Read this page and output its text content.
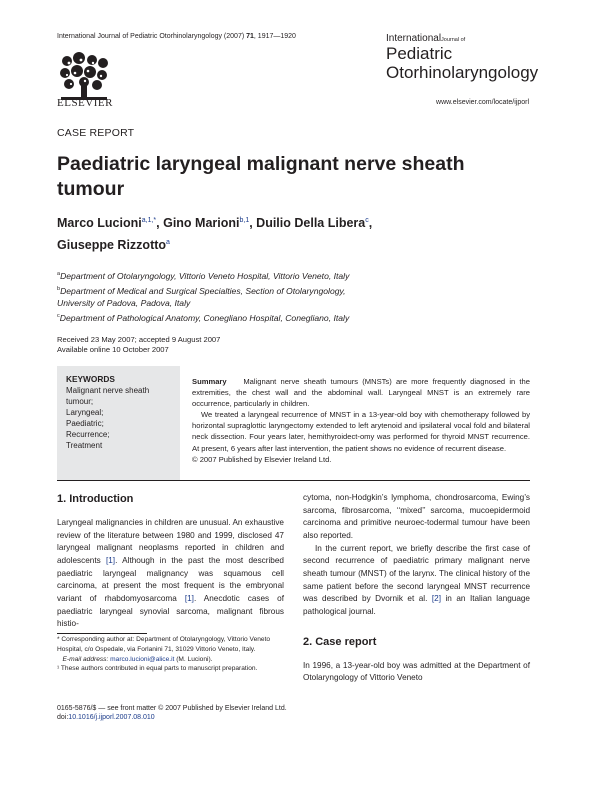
International Journal of Pediatric Otorhinolaryngology (2007) 71, 1917—1920
ELSEVIER
InternationalJournal of
Pediatric
Otorhinolaryngology
www.elsevier.com/locate/ijporl
CASE REPORT
Paediatric laryngeal malignant nerve sheath tumour
Marco Lucioni$^{a,1,*}$, Gino Marioni$^{b,1}$, Duilio Della Libera$^c$,
Giuseppe Rizzotto$^a$
$^a$Department of Otolaryngology, Vittorio Veneto Hospital, Vittorio Veneto, Italy
$^b$Department of Medical and Surgical Specialties, Section of Otolaryngology,
University of Padova, Padova, Italy
$^c$Department of Pathological Anatomy, Conegliano Hospital, Conegliano, Italy
Received 23 May 2007; accepted 9 August 2007
Available online 10 October 2007
KEYWORDS
Malignant nerve sheath tumour;
Laryngeal;
Paediatric;
Recurrence;
Treatment

Summary Malignant nerve sheath tumours (MNSTs) are more frequently diagnosed in the extremities, the chest wall and the abdominal wall. Laryngeal MNST is an extremely rare occurrence, particularly in children.

We treated a laryngeal recurrence of MNST in a 13-year-old boy with chemotherapy followed by horizontal supraglottic laryngectomy extended to left arytenoid and ipsilateral vocal fold and bilateral neck dissection. Four years later, hemithyroidect-omy was performed for thyroid MNST recurrence. At present, 6 years after last intervention, the patient shows no evidence of recurrent disease.

© 2007 Published by Elsevier Ireland Ltd.

1. Introduction

Laryngeal malignancies in children are unusual. An exhaustive review of the literature between 1980 and 1999, disclosed 47 laryngeal malignant neoplasms reported in children and adolescents [1]. Although in the past the most described paediatric laryngeal malignancy was squamous cell carcinoma, at present the most frequent is the embryonal variant of rhabdomyosarcoma [1]. Anecdotic cases of paediatric laryngeal synovial sarcoma, malignant fibrous histio-

cytoma, non-Hodgkin’s lymphoma, chondrosarcoma, Ewing’s sarcoma, fibrosarcoma, ‘‘mixed’’ sarcoma, mucoepidermoid carcinoma and primitive neuroec-todermal tumour have been also reported.

In the current report, we briefly describe the first case of second recurrence of paediatric primary malignant nerve sheath tumour (MNST) of the larynx. The clinical history of the same patient before the second laryngeal MNST recurrence was described by Dvornik et al. [2] in an Italian language pathological journal.

2. Case report

In 1996, a 13-year-old boy was admitted at the Department of Otolaryngology of Vittorio Veneto

* Corresponding author at: Department of Otolaryngology, Vittorio Veneto Hospital, c/o Ospedale, via Forlanini 71, 31029 Vittorio Veneto, Italy.

E-mail address: marco.lucioni@alice.it (M. Lucioni).

¹ These authors contributed in equal parts to manuscript preparation.

0165-5876/$ — see front matter © 2007 Published by Elsevier Ireland Ltd.
doi:10.1016/j.ijporl.2007.08.010
